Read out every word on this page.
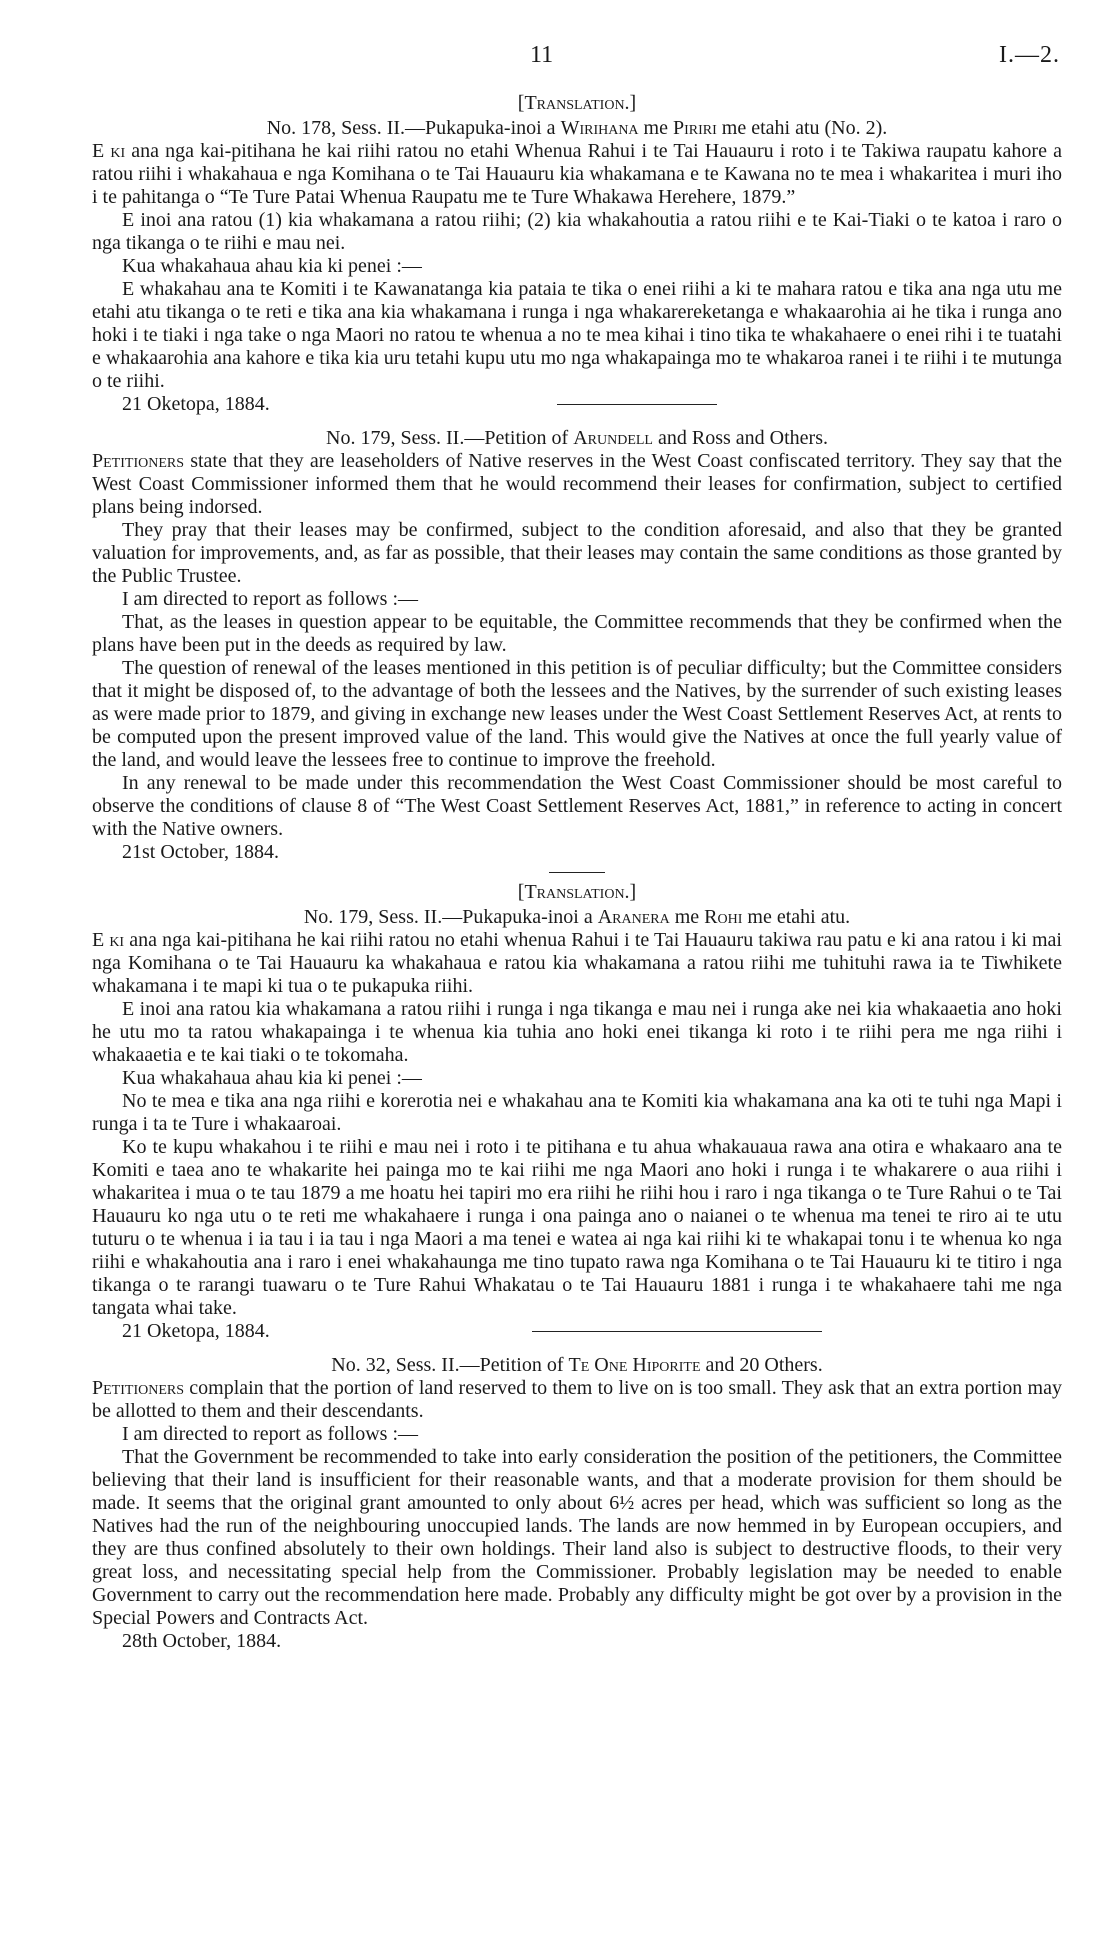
11	I.—2.

[Translation.]

No. 178, Sess. II.—Pukapuka-inoi a Wirihana me Piriri me etahi atu (No. 2).

E ki ana nga kai-pitihana he kai riihi ratou no etahi Whenua Rahui i te Tai Hauauru i roto i te Takiwa raupatu kahore a ratou riihi i whakahaua e nga Komihana o te Tai Hauauru kia whakamana e te Kawana no te mea i whakaritea i muri iho i te pahitanga o “Te Ture Patai Whenua Raupatu me te Ture Whakawa Herehere, 1879.”

E inoi ana ratou (1) kia whakamana a ratou riihi; (2) kia whakahoutia a ratou riihi e te Kai-Tiaki o te katoa i raro o nga tikanga o te riihi e mau nei.

Kua whakahaua ahau kia ki penei :—

E whakahau ana te Komiti i te Kawanatanga kia pataia te tika o enei riihi a ki te mahara ratou e tika ana nga utu me etahi atu tikanga o te reti e tika ana kia whakamana i runga i nga whakarereketanga e whakaarohia ai he tika i runga ano hoki i te tiaki i nga take o nga Maori no ratou te whenua a no te mea kihai i tino tika te whakahaere o enei rihi i te tuatahi e whakaarohia ana kahore e tika kia uru tetahi kupu utu mo nga whakapainga mo te whakaroa ranei i te riihi i te mutunga o te riihi.

21 Oketopa, 1884.

No. 179, Sess. II.—Petition of Arundell and Ross and Others.

Petitioners state that they are leaseholders of Native reserves in the West Coast confiscated territory. They say that the West Coast Commissioner informed them that he would recommend their leases for confirmation, subject to certified plans being indorsed.

They pray that their leases may be confirmed, subject to the condition aforesaid, and also that they be granted valuation for improvements, and, as far as possible, that their leases may contain the same conditions as those granted by the Public Trustee.

I am directed to report as follows :—

That, as the leases in question appear to be equitable, the Committee recommends that they be confirmed when the plans have been put in the deeds as required by law.

The question of renewal of the leases mentioned in this petition is of peculiar difficulty; but the Committee considers that it might be disposed of, to the advantage of both the lessees and the Natives, by the surrender of such existing leases as were made prior to 1879, and giving in exchange new leases under the West Coast Settlement Reserves Act, at rents to be computed upon the present improved value of the land. This would give the Natives at once the full yearly value of the land, and would leave the lessees free to continue to improve the freehold.

In any renewal to be made under this recommendation the West Coast Commissioner should be most careful to observe the conditions of clause 8 of “The West Coast Settlement Reserves Act, 1881,” in reference to acting in concert with the Native owners.

21st October, 1884.

[Translation.]

No. 179, Sess. II.—Pukapuka-inoi a Aranera me Rohi me etahi atu.

E ki ana nga kai-pitihana he kai riihi ratou no etahi whenua Rahui i te Tai Hauauru takiwa rau patu e ki ana ratou i ki mai nga Komihana o te Tai Hauauru ka whakahaua e ratou kia whakamana a ratou riihi me tuhituhi rawa ia te Tiwhikete whakamana i te mapi ki tua o te pukapuka riihi.

E inoi ana ratou kia whakamana a ratou riihi i runga i nga tikanga e mau nei i runga ake nei kia whakaaetia ano hoki he utu mo ta ratou whakapainga i te whenua kia tuhia ano hoki enei tikanga ki roto i te riihi pera me nga riihi i whakaaetia e te kai tiaki o te tokomaha.

Kua whakahaua ahau kia ki penei :—

No te mea e tika ana nga riihi e korerotia nei e whakahau ana te Komiti kia whakamana ana ka oti te tuhi nga Mapi i runga i ta te Ture i whakaaroai.

Ko te kupu whakahou i te riihi e mau nei i roto i te pitihana e tu ahua whakauaua rawa ana otira e whakaaro ana te Komiti e taea ano te whakarite hei painga mo te kai riihi me nga Maori ano hoki i runga i te whakarere o aua riihi i whakaritea i mua o te tau 1879 a me hoatu hei tapiri mo era riihi he riihi hou i raro i nga tikanga o te Ture Rahui o te Tai Hauauru ko nga utu o te reti me whakahaere i runga i ona painga ano o naianei o te whenua ma tenei te riro ai te utu tuturu o te whenua i ia tau i ia tau i nga Maori a ma tenei e watea ai nga kai riihi ki te whakapai tonu i te whenua ko nga riihi e whakahoutia ana i raro i enei whakahaunga me tino tupato rawa nga Komihana o te Tai Hauauru ki te titiro i nga tikanga o te rarangi tuawaru o te Ture Rahui Whakatau o te Tai Hauauru 1881 i runga i te whakahaere tahi me nga tangata whai take.

21 Oketopa, 1884.

No. 32, Sess. II.—Petition of Te One Hiporite and 20 Others.

Petitioners complain that the portion of land reserved to them to live on is too small. They ask that an extra portion may be allotted to them and their descendants.

I am directed to report as follows :—

That the Government be recommended to take into early consideration the position of the petitioners, the Committee believing that their land is insufficient for their reasonable wants, and that a moderate provision for them should be made. It seems that the original grant amounted to only about 6½ acres per head, which was sufficient so long as the Natives had the run of the neighbouring unoccupied lands. The lands are now hemmed in by European occupiers, and they are thus confined absolutely to their own holdings. Their land also is subject to destructive floods, to their very great loss, and necessitating special help from the Commissioner. Probably legislation may be needed to enable Government to carry out the recommendation here made. Probably any difficulty might be got over by a provision in the Special Powers and Contracts Act.

28th October, 1884.
